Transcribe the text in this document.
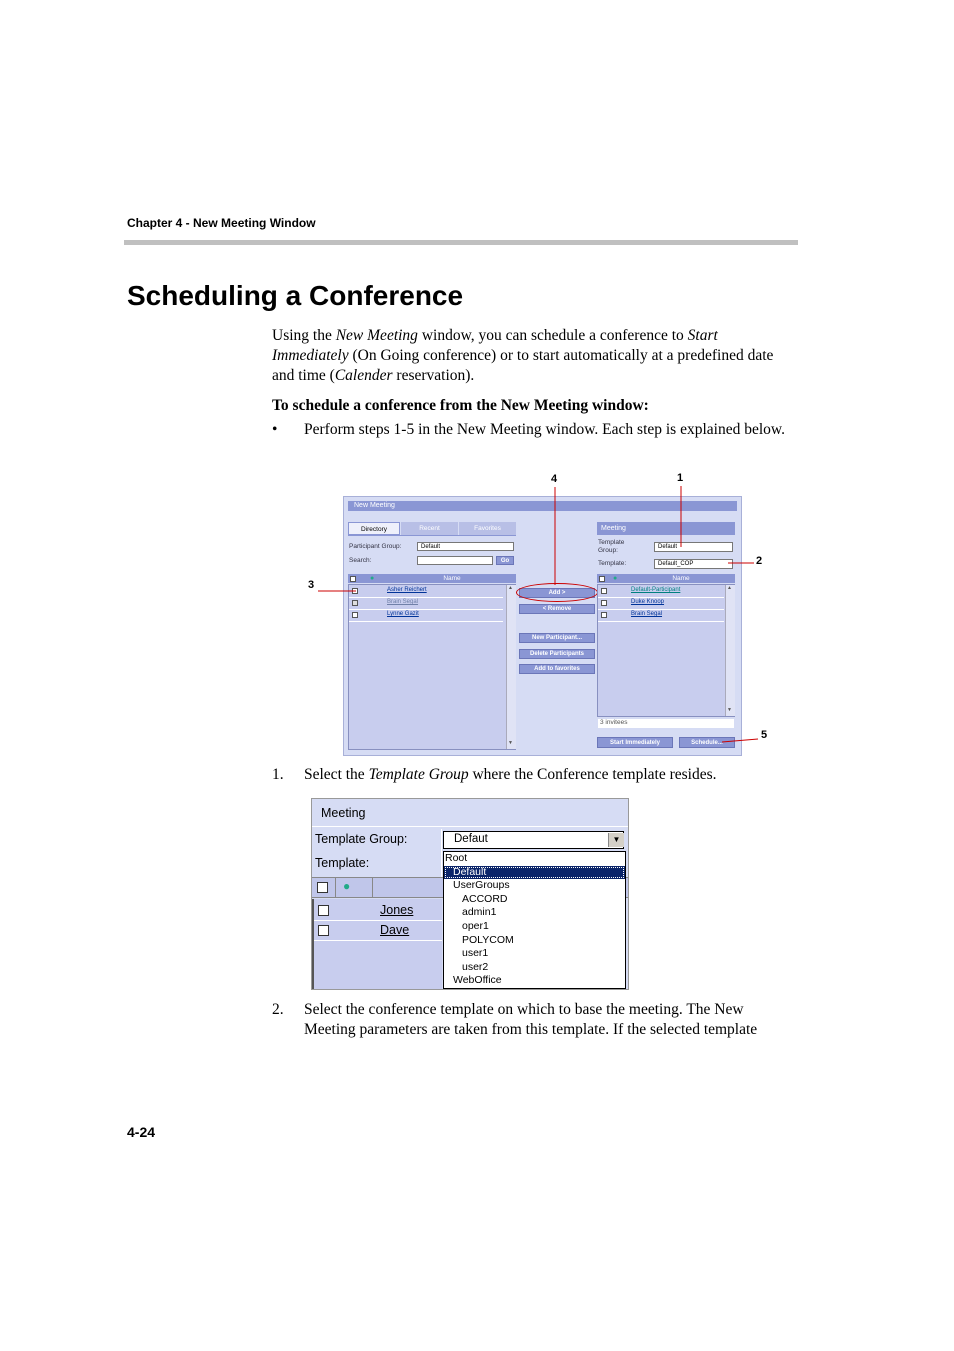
Chapter 4 - New Meeting Window
Scheduling a Conference
Using the New Meeting window, you can schedule a conference to Start Immediately (On Going conference) or to start automatically at a predefined date and time (Calender reservation).
To schedule a conference from the New Meeting window:
•	Perform steps 1-5 in the New Meeting window. Each step is explained below.
4	1
2
3
5
New Meeting
Directory	Recent	Favorites
Participant Group:	Default
Search:	Go
●	Name
Asher Reichert
Brain Segal
Lynne Gazit
▲
▼
Add >
< Remove
New Participant...
Delete Participants
Add to favorites
Meeting
Template Group:	Default
Template:	Default_COP
●	Name
Default-Participant
Duke Knoop
Brain Segal
▲
▼
3 invitees
Start Immediately	Schedule...
1.	Select the Template Group where the Conference template resides.
Meeting
Template Group:	Defaut	▼
Template:
●
Jones
Dave
Root
Default
UserGroups
ACCORD
admin1
oper1
POLYCOM
user1
user2
WebOffice
2.	Select the conference template on which to base the meeting. The New Meeting parameters are taken from this template. If the selected template
4-24
